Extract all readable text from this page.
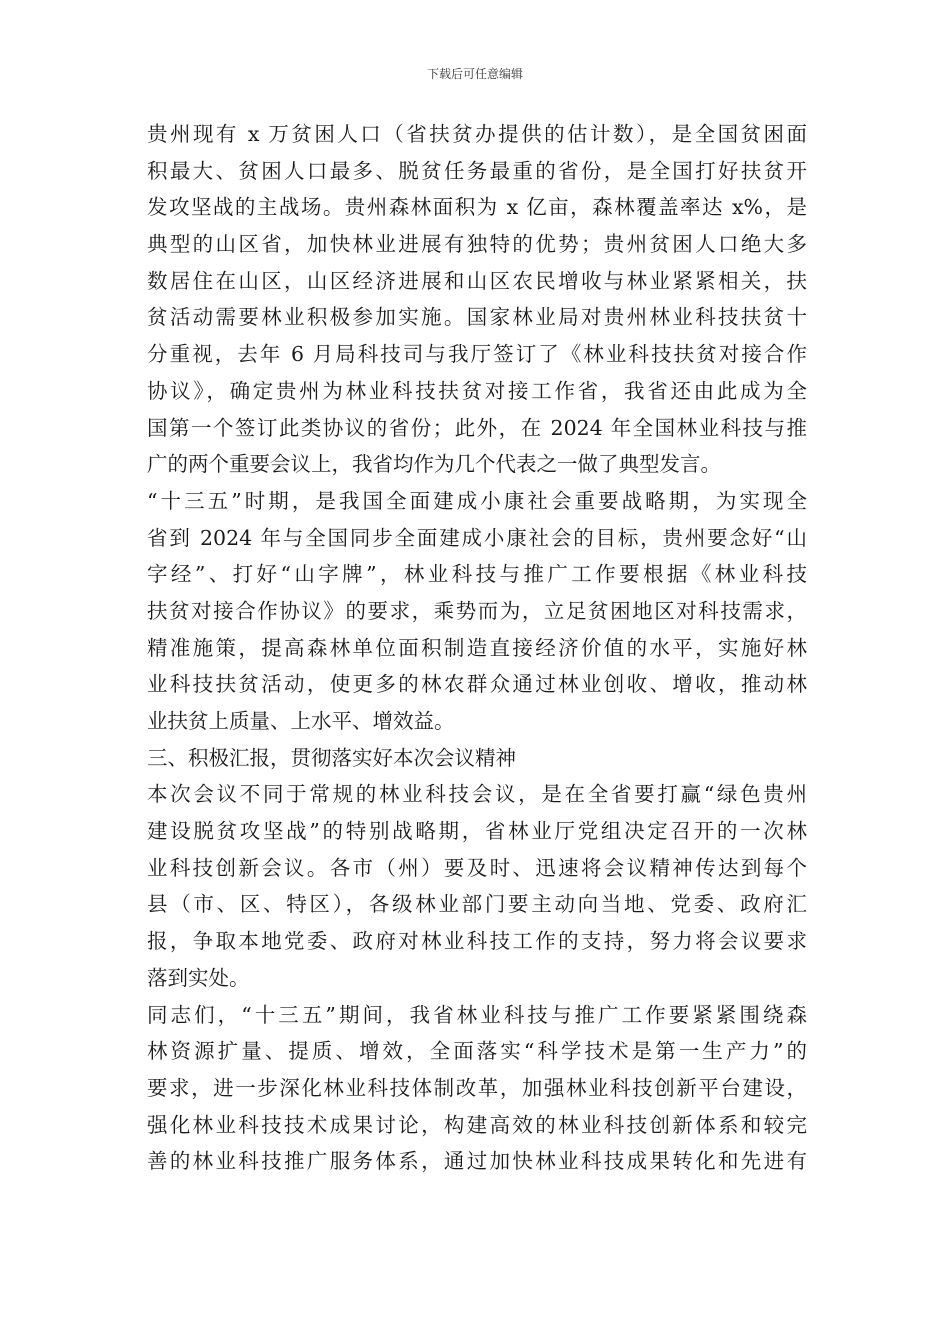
下载后可任意编辑
贵州现有 x 万贫困人口（省扶贫办提供的估计数），是全国贫困面
积最大、贫困人口最多、脱贫任务最重的省份，是全国打好扶贫开
发攻坚战的主战场。贵州森林面积为 x 亿亩，森林覆盖率达 x%，是
典型的山区省，加快林业进展有独特的优势；贵州贫困人口绝大多
数居住在山区，山区经济进展和山区农民增收与林业紧紧相关，扶
贫活动需要林业积极参加实施。国家林业局对贵州林业科技扶贫十
分重视，去年 6 月局科技司与我厅签订了《林业科技扶贫对接合作
协议》，确定贵州为林业科技扶贫对接工作省，我省还由此成为全
国第一个签订此类协议的省份；此外，在 2024 年全国林业科技与推
广的两个重要会议上，我省均作为几个代表之一做了典型发言。
“十三五”时期，是我国全面建成小康社会重要战略期，为实现全
省到 2024 年与全国同步全面建成小康社会的目标，贵州要念好“山
字经”、打好“山字牌”，林业科技与推广工作要根据《林业科技
扶贫对接合作协议》的要求，乘势而为，立足贫困地区对科技需求，
精准施策，提高森林单位面积制造直接经济价值的水平，实施好林
业科技扶贫活动，使更多的林农群众通过林业创收、增收，推动林
业扶贫上质量、上水平、增效益。
三、积极汇报，贯彻落实好本次会议精神
本次会议不同于常规的林业科技会议，是在全省要打赢“绿色贵州
建设脱贫攻坚战”的特别战略期，省林业厅党组决定召开的一次林
业科技创新会议。各市（州）要及时、迅速将会议精神传达到每个
县（市、区、特区），各级林业部门要主动向当地、党委、政府汇
报，争取本地党委、政府对林业科技工作的支持，努力将会议要求
落到实处。
同志们，“十三五”期间，我省林业科技与推广工作要紧紧围绕森
林资源扩量、提质、增效，全面落实“科学技术是第一生产力”的
要求，进一步深化林业科技体制改革，加强林业科技创新平台建设，
强化林业科技技术成果讨论，构建高效的林业科技创新体系和较完
善的林业科技推广服务体系，通过加快林业科技成果转化和先进有
